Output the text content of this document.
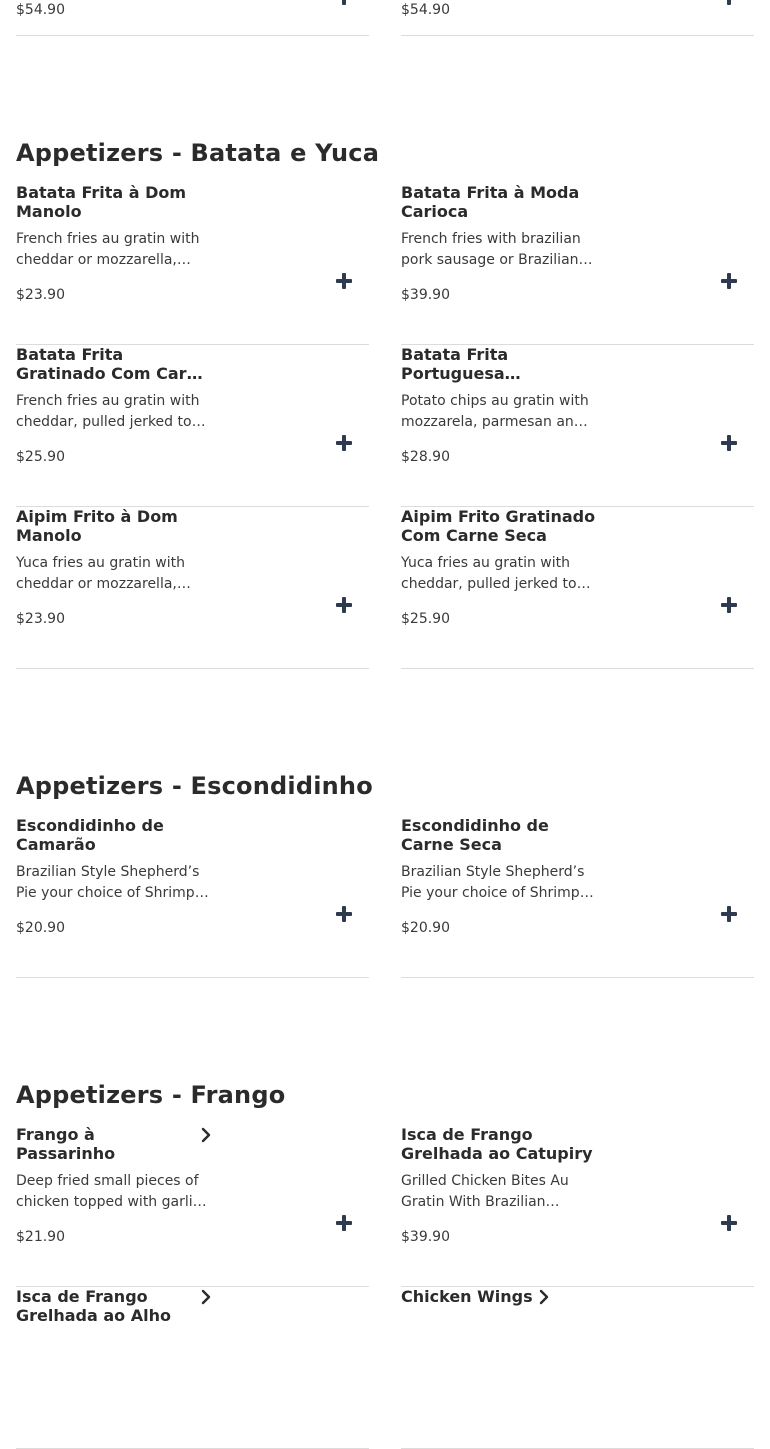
$54.90	$54.90
Appetizers - Batata e Yuca
Batata Frita à Dom Manolo

French fries au gratin with cheddar or mozzarella,

$23.90
Batata Frita à Moda Carioca

French fries with brazilian pork sausage or Brazilian

$39.90
Batata Frita Gratinado Com Carne

French fries au gratin with cheddar, pulled jerked top

$25.90
Batata Frita Portuguesa

Potato chips au gratin with mozzarela, parmesan and

$28.90
Aipim Frito à Dom Manolo

Yuca fries au gratin with cheddar or mozzarella,

$23.90
Aipim Frito Gratinado Com Carne Seca

Yuca fries au gratin with cheddar, pulled jerked top

$25.90
Appetizers - Escondidinho
Escondidinho de Camarão

Brazilian Style Shepherd’s Pie your choice of Shrimp

$20.90
Escondidinho de Carne Seca

Brazilian Style Shepherd’s Pie your choice of Shrimp

$20.90
Appetizers - Frango
Frango à Passarinho

Deep fried small pieces of chicken topped with garlic

$21.90
Isca de Frango Grelhada ao Catupiry

Grilled Chicken Bites Au Gratin With Brazilian

$39.90
Isca de Frango Grelhada ao Alho
Chicken Wings
